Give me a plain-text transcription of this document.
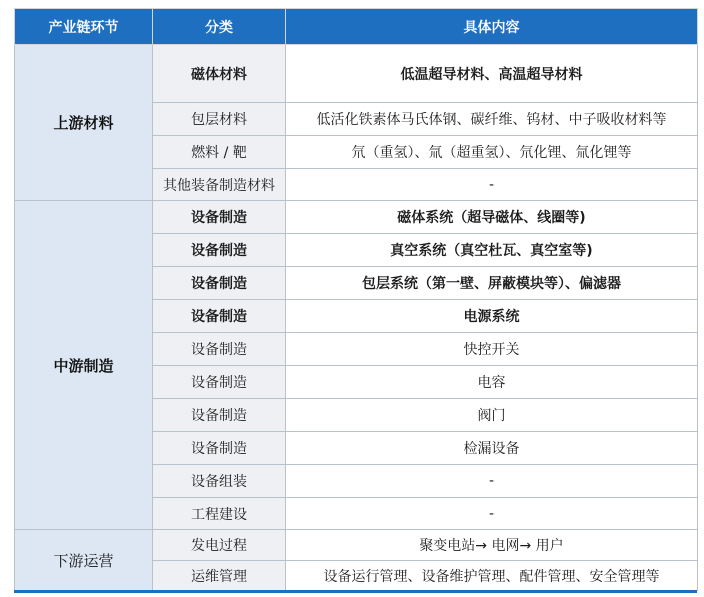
产业链环节	分类	具体内容
上游材料	磁体材料	低温超导材料、高温超导材料
	包层材料	低活化铁素体马氏体钢、碳纤维、钨材、中子吸收材料等
	燃料 / 靶	氘（重氢）、氚（超重氢）、氘化锂、氚化锂等
	其他装备制造材料	-
中游制造	设备制造	磁体系统（超导磁体、线圈等)
	设备制造	真空系统（真空杜瓦、真空室等)
	设备制造	包层系统（第一壁、屏蔽模块等）、偏滤器
	设备制造	电源系统
	设备制造	快控开关
	设备制造	电容
	设备制造	阀门
	设备制造	检漏设备
	设备组装	-
	工程建设	-
下游运营	发电过程	聚变电站→ 电网→ 用户
	运维管理	设备运行管理、设备维护管理、配件管理、安全管理等
